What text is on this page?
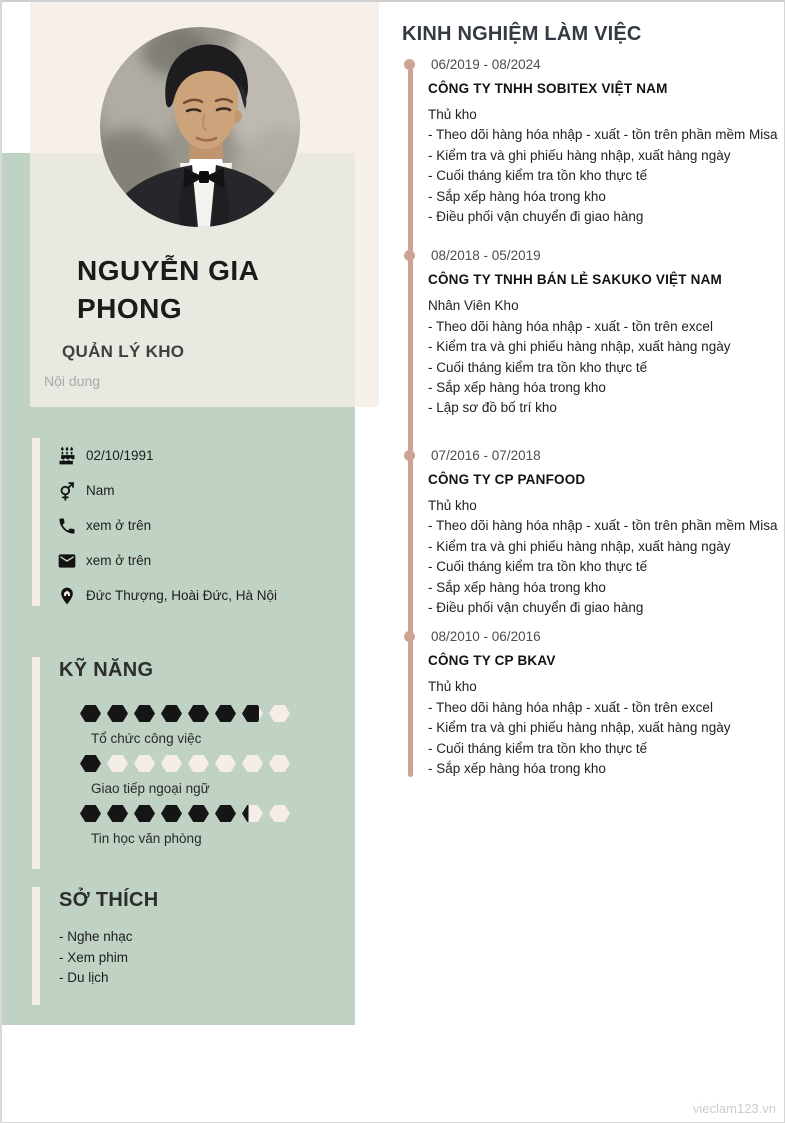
NGUYỄN GIA PHONG
QUẢN LÝ KHO
Nội dung
02/10/1991
Nam
xem ở trên
xem ở trên
Đức Thượng, Hoài Đức, Hà Nội
KỸ NĂNG
Tổ chức công việc
Giao tiếp ngoại ngữ
Tin học văn phòng
SỞ THÍCH
- Nghe nhạc
- Xem phim
- Du lịch
KINH NGHIỆM LÀM VIỆC
06/2019 - 08/2024
CÔNG TY TNHH SOBITEX VIỆT NAM
Thủ kho

- Theo dõi hàng hóa nhập - xuất - tồn trên phần mềm Misa

- Kiểm tra và ghi phiếu hàng nhập, xuất hàng ngày

- Cuối tháng kiểm tra tồn kho thực tế

- Sắp xếp hàng hóa trong kho

- Điều phối vận chuyển đi giao hàng

08/2018 - 05/2019
CÔNG TY TNHH BÁN LẺ SAKUKO VIỆT NAM
Nhân Viên Kho

- Theo dõi hàng hóa nhập - xuất - tồn trên excel

- Kiểm tra và ghi phiếu hàng nhập, xuất hàng ngày

- Cuối tháng kiểm tra tồn kho thực tế

- Sắp xếp hàng hóa trong kho

- Lập sơ đồ bố trí kho

07/2016 - 07/2018
CÔNG TY CP PANFOOD
Thủ kho

- Theo dõi hàng hóa nhập - xuất - tồn trên phần mềm Misa

- Kiểm tra và ghi phiếu hàng nhập, xuất hàng ngày

- Cuối tháng kiểm tra tồn kho thực tế

- Sắp xếp hàng hóa trong kho

- Điều phối vận chuyển đi giao hàng

08/2010 - 06/2016
CÔNG TY CP BKAV
Thủ kho

- Theo dõi hàng hóa nhập - xuất - tồn trên excel

- Kiểm tra và ghi phiếu hàng nhập, xuất hàng ngày

- Cuối tháng kiểm tra tồn kho thực tế

- Sắp xếp hàng hóa trong kho

vieclam123.vn
